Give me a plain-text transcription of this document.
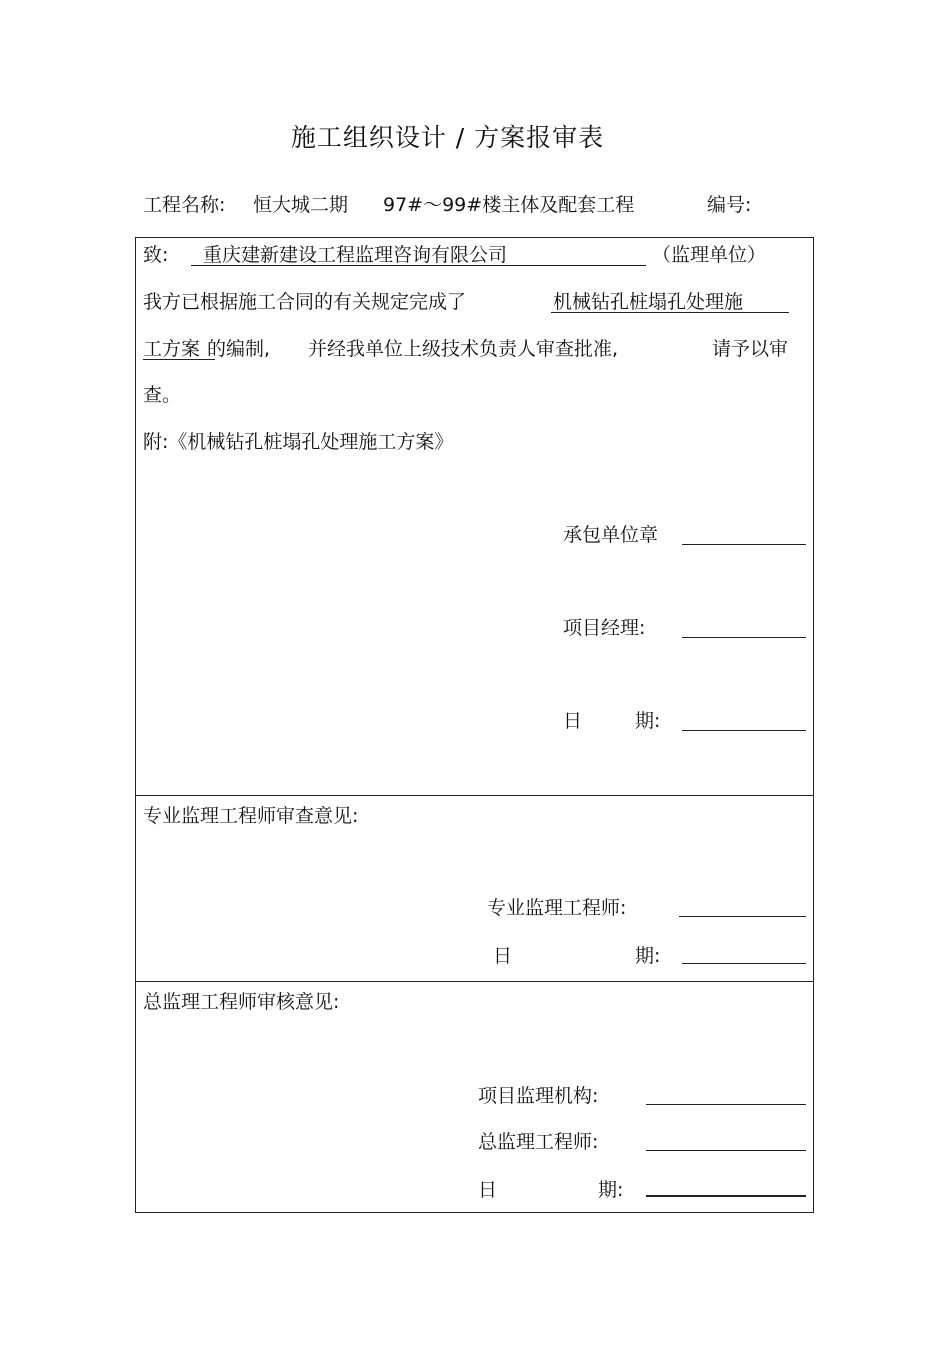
施工组织设计 / 方案报审表
工程名称: 恒大城二期 97#～99#楼主体及配套工程	编号:
致: 重庆建新建设工程监理咨询有限公司	（监理单位）
我方已根据施工合同的有关规定完成了	机械钻孔桩塌孔处理施
工方案 的编制, 并经我单位上级技术负责人审查批准,	请予以审
查。
附:《机械钻孔桩塌孔处理施工方案》
承包单位章
项目经理:
日	期:
专业监理工程师审查意见:
专业监理工程师:
日	期:
总监理工程师审核意见:
项目监理机构:
总监理工程师:
日	期:
